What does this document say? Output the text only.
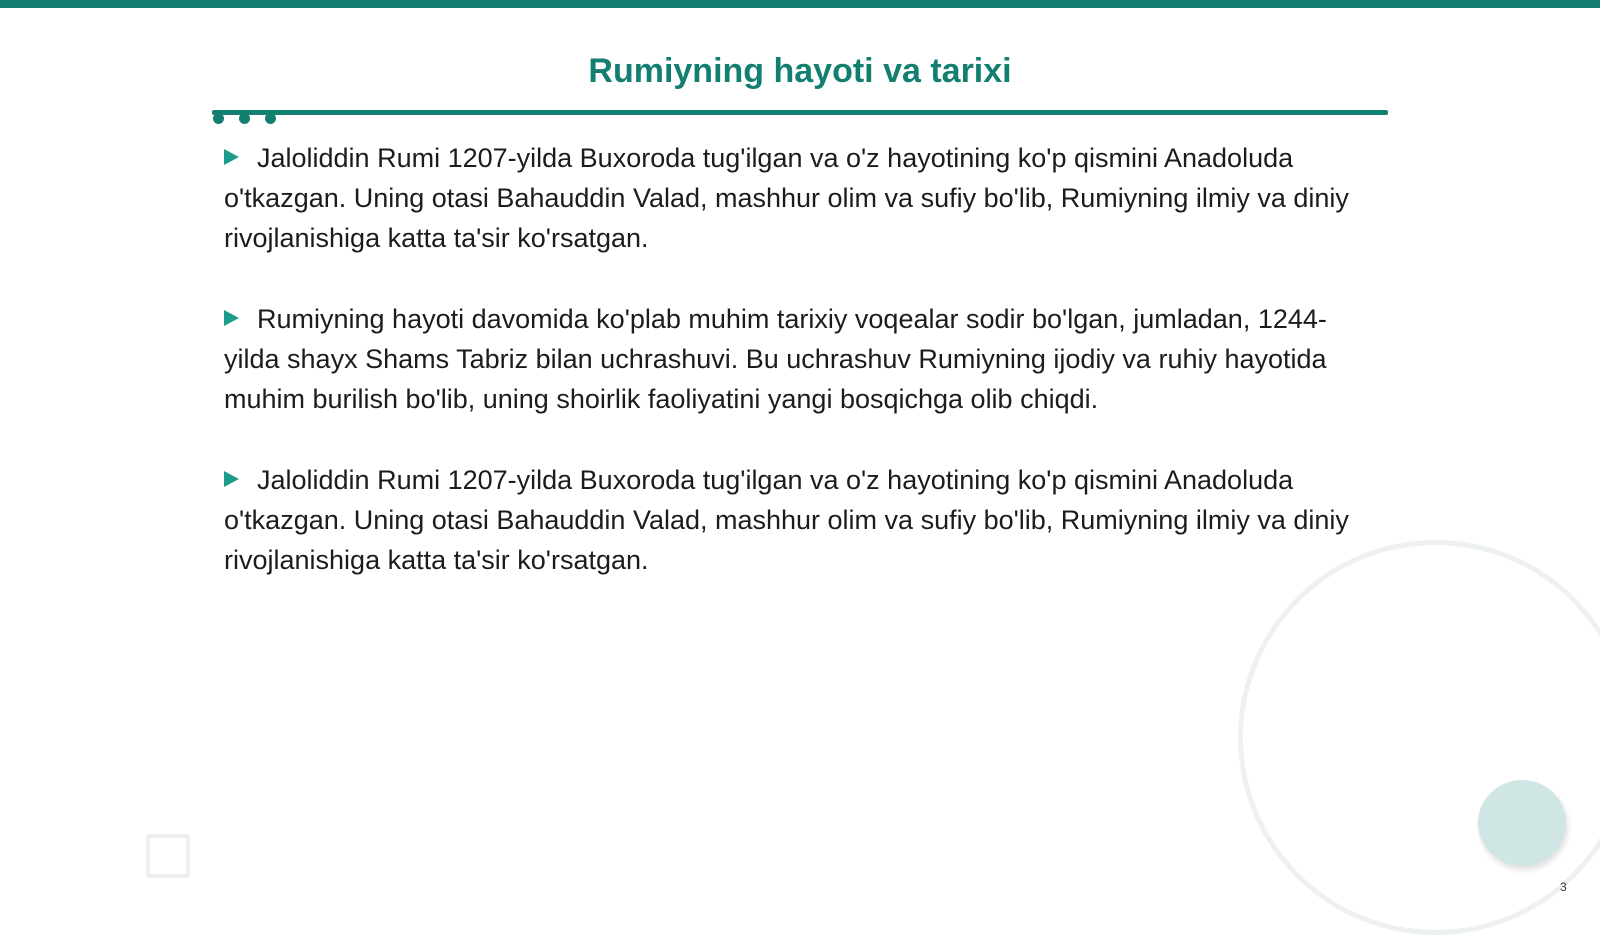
Rumiyning hayoti va tarixi

Jaloliddin Rumi 1207-yilda Buxoroda tug'ilgan va o'z hayotining ko'p qismini Anadoluda o'tkazgan. Uning otasi Bahauddin Valad, mashhur olim va sufiy bo'lib, Rumiyning ilmiy va diniy rivojlanishiga katta ta'sir ko'rsatgan.

Rumiyning hayoti davomida ko'plab muhim tarixiy voqealar sodir bo'lgan, jumladan, 1244-yilda shayx Shams Tabriz bilan uchrashuvi. Bu uchrashuv Rumiyning ijodiy va ruhiy hayotida muhim burilish bo'lib, uning shoirlik faoliyatini yangi bosqichga olib chiqdi.

Jaloliddin Rumi 1207-yilda Buxoroda tug'ilgan va o'z hayotining ko'p qismini Anadoluda o'tkazgan. Uning otasi Bahauddin Valad, mashhur olim va sufiy bo'lib, Rumiyning ilmiy va diniy rivojlanishiga katta ta'sir ko'rsatgan.

3
